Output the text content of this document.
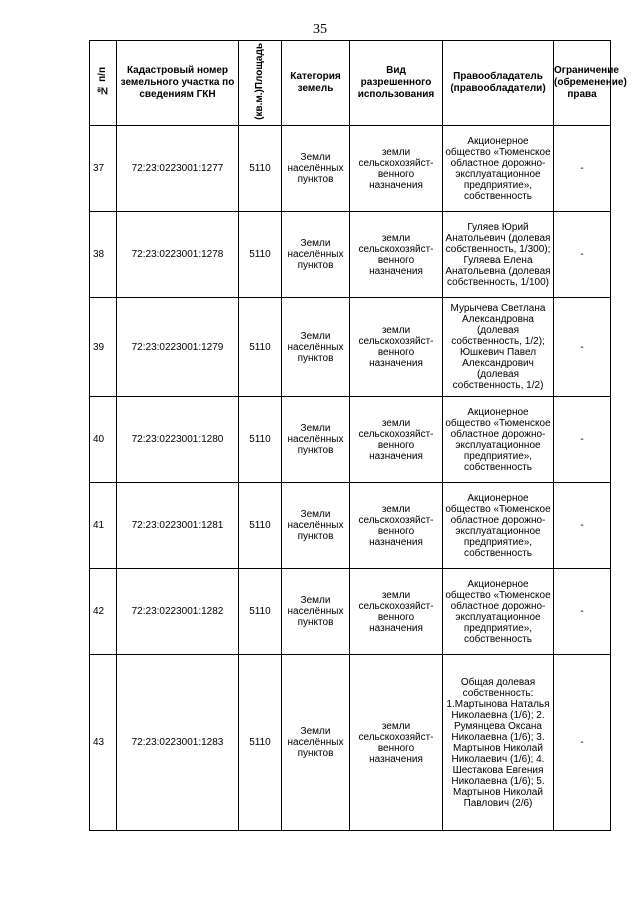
35
№ п/п	Кадастровый номер земельного участка по сведениям ГКН	(кв.м.)Площадь	Категория земель	Вид разрешенного использования	Правообладатель (правообладатели)	Ограничение (обременение) права
37	72:23:0223001:1277	5110	Земли населённых пунктов	земли сельскохозяйст-венного назначения	Акционерное общество «Тюменское областное дорожно-эксплуатационное предприятие», собственность	-
38	72:23:0223001:1278	5110	Земли населённых пунктов	земли сельскохозяйст-венного назначения	Гуляев Юрий Анатольевич (долевая собственность, 1/300); Гуляева Елена Анатольевна (долевая собственность, 1/100)	-
39	72:23:0223001:1279	5110	Земли населённых пунктов	земли сельскохозяйст-венного назначения	Мурычева Светлана Александровна (долевая собственность, 1/2); Юшкевич Павел Александрович (долевая собственность, 1/2)	-
40	72:23:0223001:1280	5110	Земли населённых пунктов	земли сельскохозяйст-венного назначения	Акционерное общество «Тюменское областное дорожно-эксплуатационное предприятие», собственность	-
41	72:23:0223001:1281	5110	Земли населённых пунктов	земли сельскохозяйст-венного назначения	Акционерное общество «Тюменское областное дорожно-эксплуатационное предприятие», собственность	-
42	72:23:0223001:1282	5110	Земли населённых пунктов	земли сельскохозяйст-венного назначения	Акционерное общество «Тюменское областное дорожно-эксплуатационное предприятие», собственность	-
43	72:23:0223001:1283	5110	Земли населённых пунктов	земли сельскохозяйст-венного назначения	Общая долевая собственность: 1.Мартынова Наталья Николаевна (1/6); 2. Румянцева Оксана Николаевна (1/6); 3. Мартынов Николай Николаевич (1/6); 4. Шестакова Евгения Николаевна (1/6); 5. Мартынов Николай Павлович (2/6)	-
